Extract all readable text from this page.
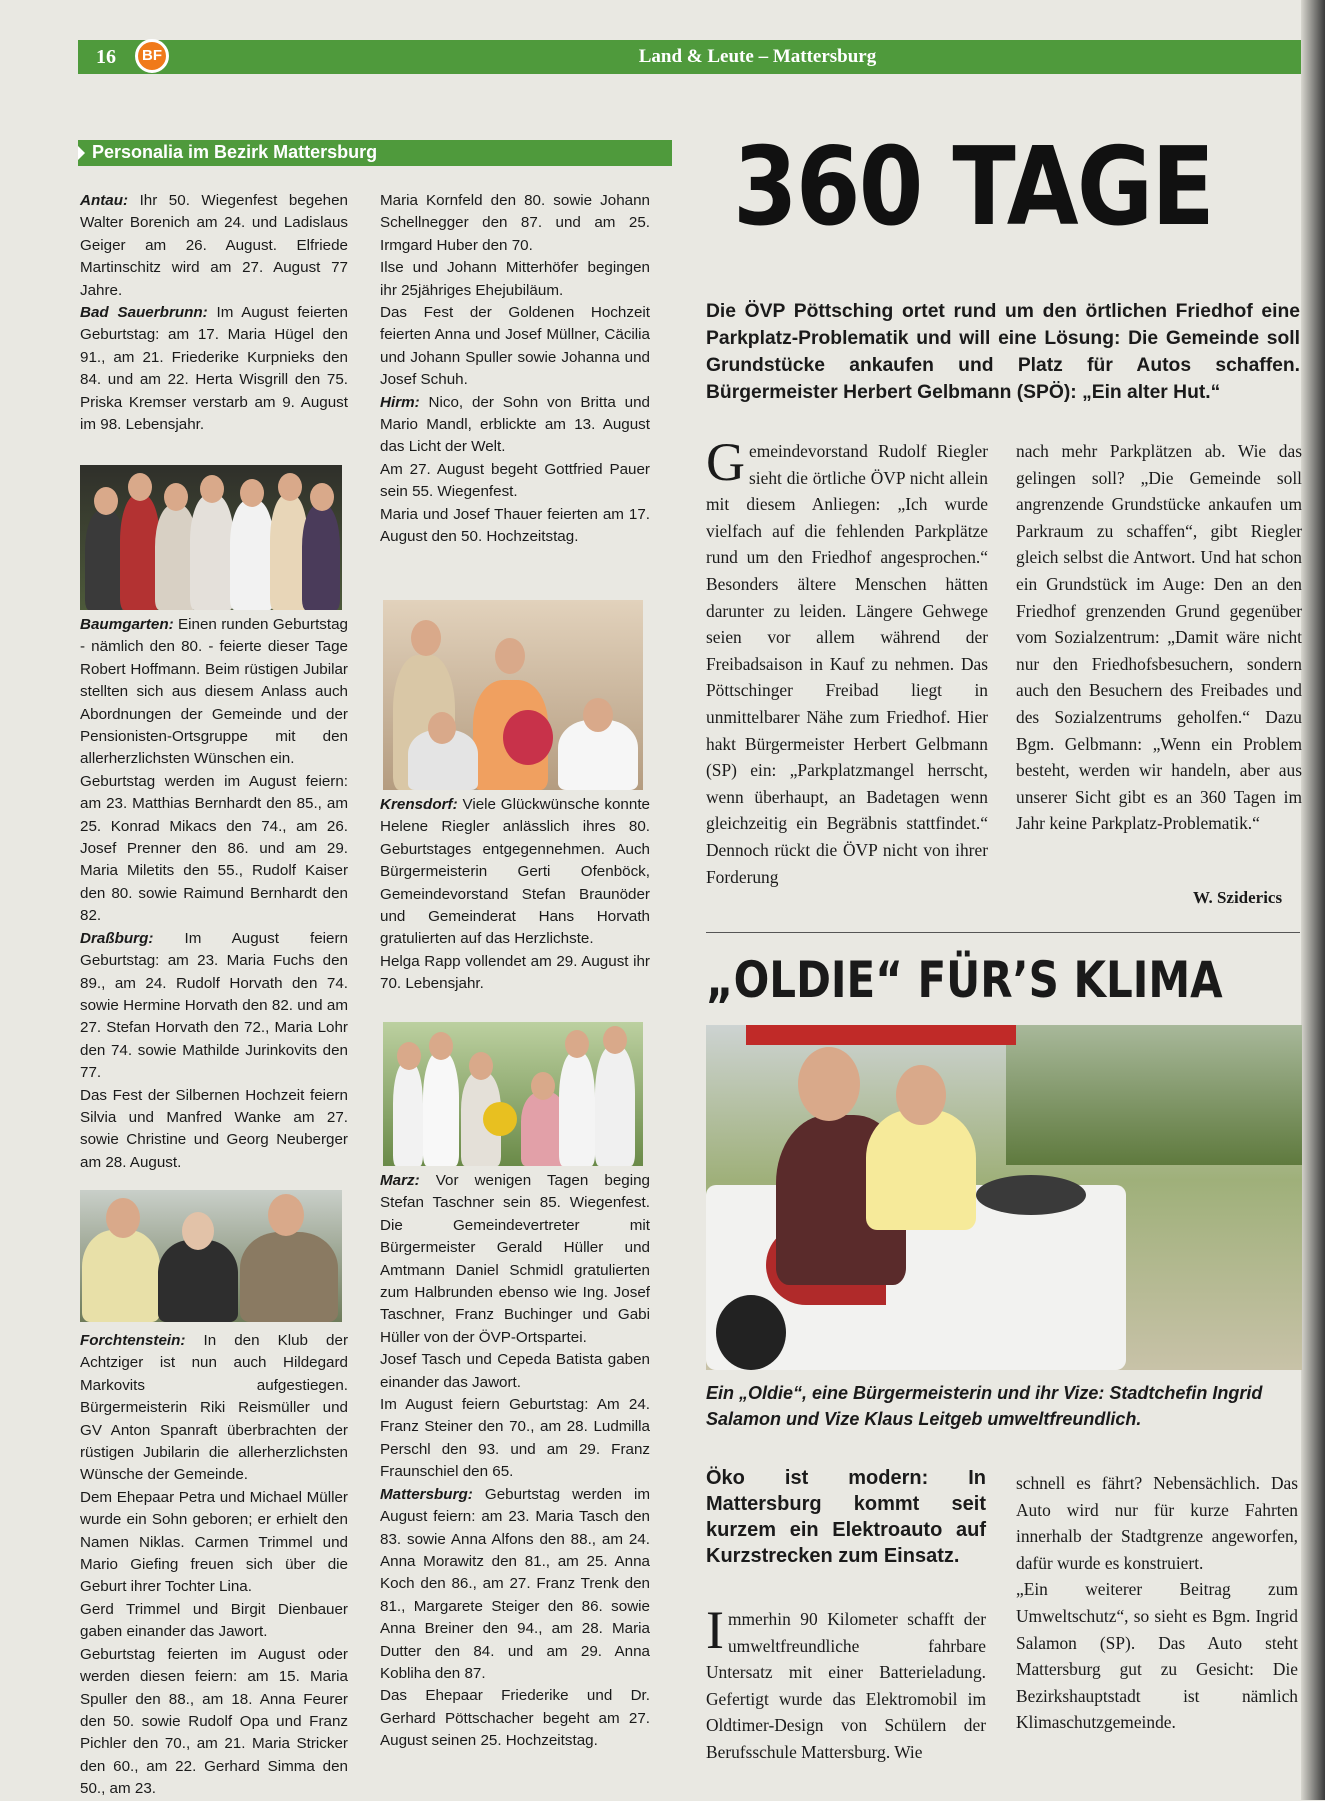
16	BF	Land & Leute – Mattersburg
Personalia im Bezirk Mattersburg

Antau: Ihr 50. Wiegenfest begehen Walter Borenich am 24. und Ladislaus Geiger am 26. August. Elfriede Martinschitz wird am 27. August 77 Jahre.

Bad Sauerbrunn: Im August feierten Geburtstag: am 17. Maria Hügel den 91., am 21. Friederike Kurpnieks den 84. und am 22. Herta Wisgrill den 75. Priska Kremser verstarb am 9. August im 98. Lebensjahr.

Baumgarten: Einen runden Geburtstag - nämlich den 80. - feierte dieser Tage Robert Hoffmann. Beim rüstigen Jubilar stellten sich aus diesem Anlass auch Abordnungen der Gemeinde und der Pensionisten-Ortsgruppe mit den allerherzlichsten Wünschen ein.

Geburtstag werden im August feiern: am 23. Matthias Bernhardt den 85., am 25. Konrad Mikacs den 74., am 26. Josef Prenner den 86. und am 29. Maria Miletits den 55., Rudolf Kaiser den 80. sowie Raimund Bernhardt den 82.

Draßburg: Im August feiern Geburtstag: am 23. Maria Fuchs den 89., am 24. Rudolf Horvath den 74. sowie Hermine Horvath den 82. und am 27. Stefan Horvath den 72., Maria Lohr den 74. sowie Mathilde Jurinkovits den 77.

Das Fest der Silbernen Hochzeit feiern Silvia und Manfred Wanke am 27. sowie Christine und Georg Neuberger am 28. August.

Forchtenstein: In den Klub der Achtziger ist nun auch Hildegard Markovits aufgestiegen. Bürgermeisterin Riki Reismüller und GV Anton Spanraft überbrachten der rüstigen Jubilarin die allerherzlichsten Wünsche der Gemeinde.

Dem Ehepaar Petra und Michael Müller wurde ein Sohn geboren; er erhielt den Namen Niklas. Carmen Trimmel und Mario Giefing freuen sich über die Geburt ihrer Tochter Lina.

Gerd Trimmel und Birgit Dienbauer gaben einander das Jawort.

Geburtstag feierten im August oder werden diesen feiern: am 15. Maria Spuller den 88., am 18. Anna Feurer den 50. sowie Rudolf Opa und Franz Pichler den 70., am 21. Maria Stricker den 60., am 22. Gerhard Simma den 50., am 23.

Maria Kornfeld den 80. sowie Johann Schellnegger den 87. und am 25. Irmgard Huber den 70.

Ilse und Johann Mitterhöfer begingen ihr 25jähriges Ehejubiläum.

Das Fest der Goldenen Hochzeit feierten Anna und Josef Müllner, Cäcilia und Johann Spuller sowie Johanna und Josef Schuh.

Hirm: Nico, der Sohn von Britta und Mario Mandl, erblickte am 13. August das Licht der Welt.

Am 27. August begeht Gottfried Pauer sein 55. Wiegenfest.

Maria und Josef Thauer feierten am 17. August den 50. Hochzeitstag.

Krensdorf: Viele Glückwünsche konnte Helene Riegler anlässlich ihres 80. Geburtstages entgegennehmen. Auch Bürgermeisterin Gerti Ofenböck, Gemeindevorstand Stefan Braunöder und Gemeinderat Hans Horvath gratulierten auf das Herzlichste.

Helga Rapp vollendet am 29. August ihr 70. Lebensjahr.

Marz: Vor wenigen Tagen beging Stefan Taschner sein 85. Wiegenfest. Die Gemeindevertreter mit Bürgermeister Gerald Hüller und Amtmann Daniel Schmidl gratulierten zum Halbrunden ebenso wie Ing. Josef Taschner, Franz Buchinger und Gabi Hüller von der ÖVP-Ortspartei.

Josef Tasch und Cepeda Batista gaben einander das Jawort.

Im August feiern Geburtstag: Am 24. Franz Steiner den 70., am 28. Ludmilla Perschl den 93. und am 29. Franz Fraunschiel den 65.

Mattersburg: Geburtstag werden im August feiern: am 23. Maria Tasch den 83. sowie Anna Alfons den 88., am 24. Anna Morawitz den 81., am 25. Anna Koch den 86., am 27. Franz Trenk den 81., Margarete Steiger den 86. sowie Anna Breiner den 94., am 28. Maria Dutter den 84. und am 29. Anna Kobliha den 87.

Das Ehepaar Friederike und Dr. Gerhard Pöttschacher begeht am 27. August seinen 25. Hochzeitstag.

360 TAGE
Die ÖVP Pöttsching ortet rund um den örtlichen Friedhof eine Parkplatz-Problematik und will eine Lösung: Die Gemeinde soll Grundstücke ankaufen und Platz für Autos schaffen. Bürgermeister Herbert Gelbmann (SPÖ): „Ein alter Hut.“

Gemeindevorstand Rudolf Riegler sieht die örtliche ÖVP nicht allein mit diesem Anliegen: „Ich wurde vielfach auf die fehlenden Parkplätze rund um den Friedhof angesprochen.“ Besonders ältere Menschen hätten darunter zu leiden. Längere Gehwege seien vor allem während der Freibadsaison in Kauf zu nehmen. Das Pöttschinger Freibad liegt in unmittelbarer Nähe zum Friedhof. Hier hakt Bürgermeister Herbert Gelbmann (SP) ein: „Parkplatzmangel herrscht, wenn überhaupt, an Badetagen wenn gleichzeitig ein Begräbnis stattfindet.“ Dennoch rückt die ÖVP nicht von ihrer Forderung

nach mehr Parkplätzen ab. Wie das gelingen soll? „Die Gemeinde soll angrenzende Grundstücke ankaufen um Parkraum zu schaffen“, gibt Riegler gleich selbst die Antwort. Und hat schon ein Grundstück im Auge: Den an den Friedhof grenzenden Grund gegenüber vom Sozialzentrum: „Damit wäre nicht nur den Friedhofsbesuchern, sondern auch den Besuchern des Freibades und des Sozialzentrums geholfen.“ Dazu Bgm. Gelbmann: „Wenn ein Problem besteht, werden wir handeln, aber aus unserer Sicht gibt es an 360 Tagen im Jahr keine Parkplatz-Problematik.“

W. Sziderics
„OLDIE“ FÜR’S KLIMA
Ein „Oldie“, eine Bürgermeisterin und ihr Vize: Stadtchefin Ingrid Salamon und Vize Klaus Leitgeb umweltfreundlich.
Öko ist modern: In Mattersburg kommt seit kurzem ein Elektroauto auf Kurzstrecken zum Einsatz.

Immerhin 90 Kilometer schafft der umweltfreundliche fahrbare Untersatz mit einer Batterieladung. Gefertigt wurde das Elektromobil im Oldtimer-Design von Schülern der Berufsschule Mattersburg. Wie

schnell es fährt? Nebensächlich. Das Auto wird nur für kurze Fahrten innerhalb der Stadtgrenze angeworfen, dafür wurde es konstruiert.

„Ein weiterer Beitrag zum Umweltschutz“, so sieht es Bgm. Ingrid Salamon (SP). Das Auto steht Mattersburg gut zu Gesicht: Die Bezirkshauptstadt ist nämlich Klimaschutzgemeinde.
